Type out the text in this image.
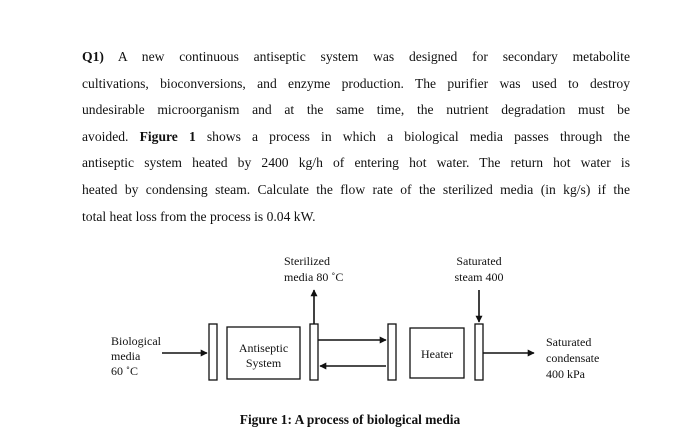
Q1) A new continuous antiseptic system was designed for secondary metabolite
cultivations, bioconversions, and enzyme production. The purifier was used to destroy
undesirable microorganism and at the same time, the nutrient degradation must be
avoided. Figure 1 shows a process in which a biological media passes through the
antiseptic system heated by 2400 kg/h of entering hot water. The return hot water is
heated by condensing steam. Calculate the flow rate of the sterilized media (in kg/s) if the
total heat loss from the process is 0.04 kW.
Biological
media
60 ˚C
Antiseptic
System
Sterilized
media 80 ˚C
Heater
Saturated
steam 400
Saturated
condensate
400 kPa
Figure 1: A process of biological media
